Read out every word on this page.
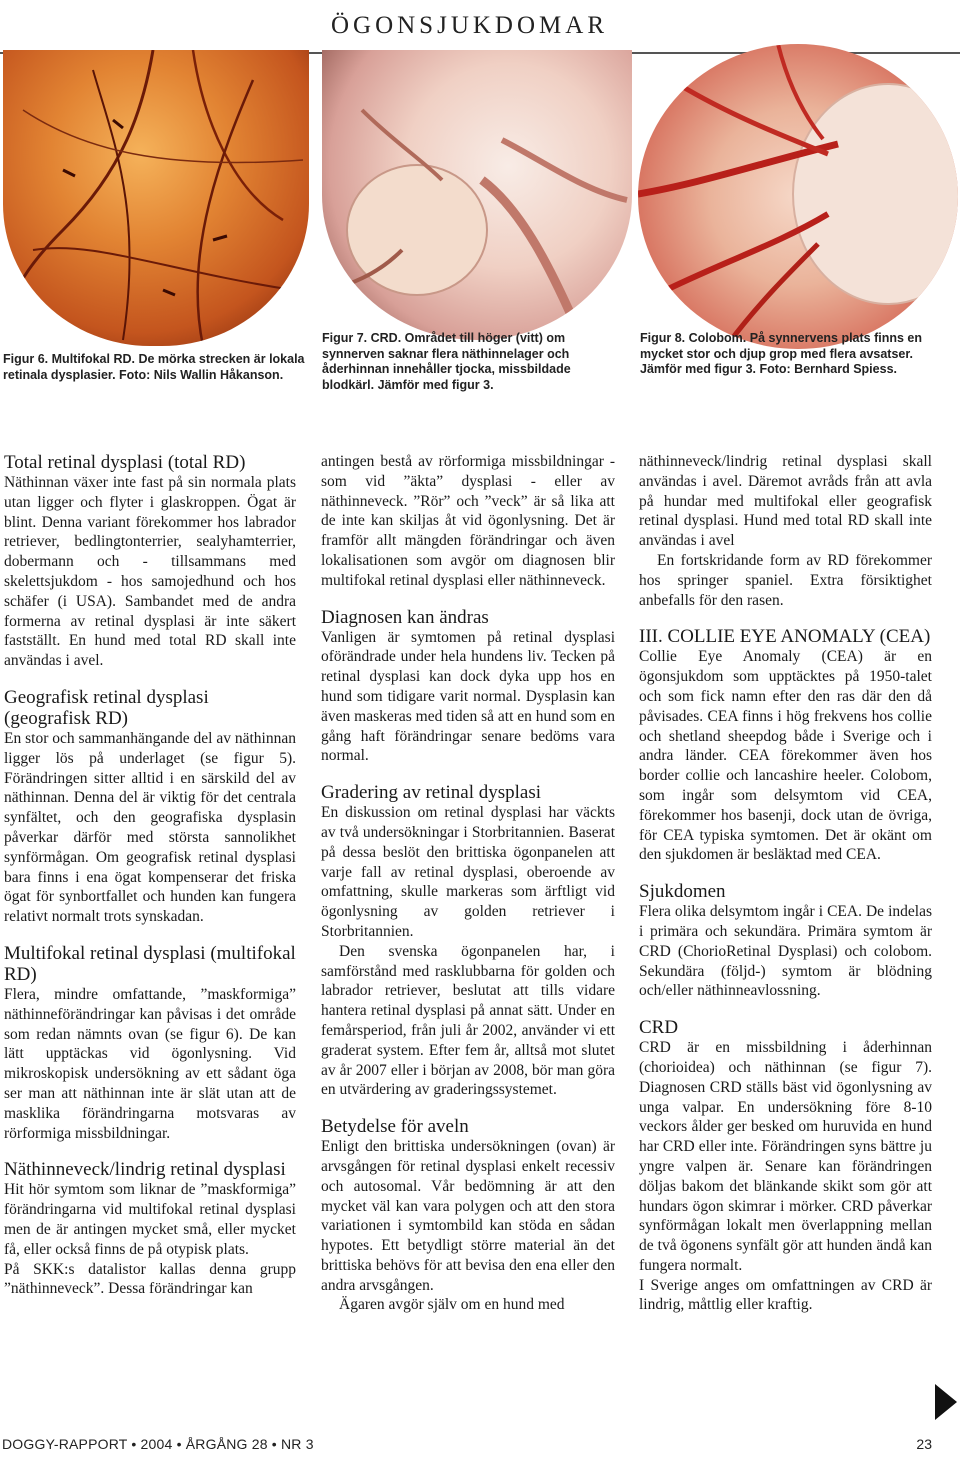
ÖGONSJUKDOMAR
Figur 6. Multifokal RD. De mörka strecken är lokala retinala dysplasier. Foto: Nils Wallin Håkanson.
Figur 7. CRD. Området till höger (vitt) om synnerven saknar flera näthinnelager och åderhinnan innehåller tjocka, missbildade blodkärl. Jämför med figur 3.
Figur 8. Colobom. På synnervens plats finns en mycket stor och djup grop med flera avsatser. Jämför med figur 3. Foto: Bernhard Spiess.
Total retinal dysplasi (total RD)

Näthinnan växer inte fast på sin normala plats utan ligger och flyter i glaskroppen. Ögat är blint. Denna variant förekommer hos labrador retriever, bedlingtonterrier, sealyhamterrier, dobermann och - tillsammans med skelettsjukdom - hos samojedhund och hos schäfer (i USA). Sambandet med de andra formerna av retinal dysplasi är inte säkert fastställt. En hund med total RD skall inte användas i avel.

Geografisk retinal dysplasi (geografisk RD)

En stor och sammanhängande del av näthinnan ligger lös på underlaget (se figur 5). Förändringen sitter alltid i en särskild del av näthinnan. Denna del är viktig för det centrala synfältet, och den geografiska dysplasin påverkar därför med största sannolikhet synförmågan. Om geografisk retinal dysplasi bara finns i ena ögat kompenserar det friska ögat för synbortfallet och hunden kan fungera relativt normalt trots synskadan.

Multifokal retinal dysplasi (multifokal RD)

Flera, mindre omfattande, ”maskformiga” näthinneförändringar kan påvisas i det område som redan nämnts ovan (se figur 6). De kan lätt upptäckas vid ögonlysning. Vid mikroskopisk undersökning av ett sådant öga ser man att näthinnan inte är slät utan att de masklika förändringarna motsvaras av rörformiga missbildningar.

Näthinneveck/lindrig retinal dysplasi

Hit hör symtom som liknar de ”maskformiga” förändringarna vid multifokal retinal dysplasi men de är antingen mycket små, eller mycket få, eller också finns de på otypisk plats.

På SKK:s datalistor kallas denna grupp ”näthinneveck”. Dessa förändringar kan

antingen bestå av rörformiga missbildningar - som vid ”äkta” dysplasi - eller av näthinneveck. ”Rör” och ”veck” är så lika att de inte kan skiljas åt vid ögonlysning. Det är framför allt mängden förändringar och även lokalisationen som avgör om diagnosen blir multifokal retinal dysplasi eller näthinneveck.

Diagnosen kan ändras

Vanligen är symtomen på retinal dysplasi oförändrade under hela hundens liv. Tecken på retinal dysplasi kan dock dyka upp hos en hund som tidigare varit normal. Dysplasin kan även maskeras med tiden så att en hund som en gång haft förändringar senare bedöms vara normal.

Gradering av retinal dysplasi

En diskussion om retinal dysplasi har väckts av två undersökningar i Storbritannien. Baserat på dessa beslöt den brittiska ögonpanelen att varje fall av retinal dysplasi, oberoende av omfattning, skulle markeras som ärftligt vid ögonlysning av golden retriever i Storbritannien.

Den svenska ögonpanelen har, i samförstånd med rasklubbarna för golden och labrador retriever, beslutat att tills vidare hantera retinal dysplasi på annat sätt. Under en femårsperiod, från juli år 2002, använder vi ett graderat system. Efter fem år, alltså mot slutet av år 2007 eller i början av 2008, bör man göra en utvärdering av graderingssystemet.

Betydelse för aveln

Enligt den brittiska undersökningen (ovan) är arvsgången för retinal dysplasi enkelt recessiv och autosomal. Vår bedömning är att den mycket väl kan vara polygen och att den stora variationen i symtombild kan stöda en sådan hypotes. Ett betydligt större material än det brittiska behövs för att bevisa den ena eller den andra arvsgången.

Ägaren avgör själv om en hund med

näthinneveck/lindrig retinal dysplasi skall användas i avel. Däremot avråds från att avla på hundar med multifokal eller geografisk retinal dysplasi. Hund med total RD skall inte användas i avel

En fortskridande form av RD förekommer hos springer spaniel. Extra försiktighet anbefalls för den rasen.

III. COLLIE EYE ANOMALY (CEA)

Collie Eye Anomaly (CEA) är en ögonsjukdom som upptäcktes på 1950-talet och som fick namn efter den ras där den då påvisades. CEA finns i hög frekvens hos collie och shetland sheepdog både i Sverige och i andra länder. CEA förekommer även hos border collie och lancashire heeler. Colobom, som ingår som delsymtom vid CEA, förekommer hos basenji, dock utan de övriga, för CEA typiska symtomen. Det är okänt om den sjukdomen är besläktad med CEA.

Sjukdomen

Flera olika delsymtom ingår i CEA. De indelas i primära och sekundära. Primära symtom är CRD (ChorioRetinal Dysplasi) och colobom. Sekundära (följd-) symtom är blödning och/eller näthinneavlossning.

CRD

CRD är en missbildning i åderhinnan (chorioidea) och näthinnan (se figur 7). Diagnosen CRD ställs bäst vid ögonlysning av unga valpar. En undersökning före 8-10 veckors ålder ger besked om huruvida en hund har CRD eller inte. Förändringen syns bättre ju yngre valpen är. Senare kan förändringen döljas bakom det blänkande skikt som gör att hundars ögon skimrar i mörker. CRD påverkar synförmågan lokalt men överlappning mellan de två ögonens synfält gör att hunden ändå kan fungera normalt.

I Sverige anges om omfattningen av CRD är lindrig, måttlig eller kraftig.

DOGGY-RAPPORT • 2004 • ÅRGÅNG 28 • NR 3	23
